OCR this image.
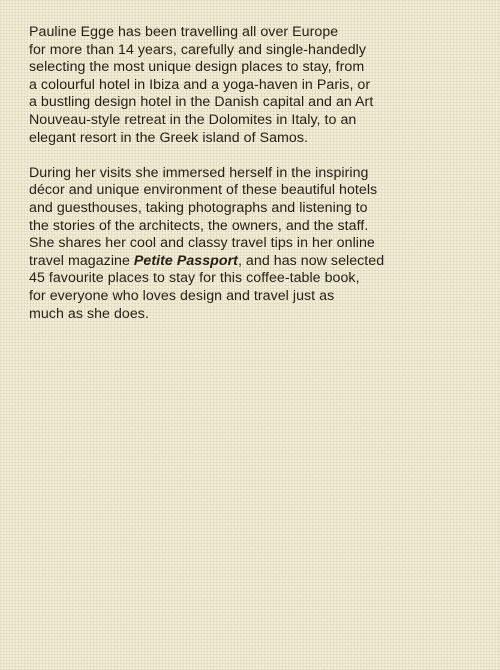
Pauline Egge has been travelling all over Europe
for more than 14 years, carefully and single-handedly
selecting the most unique design places to stay, from
a colourful hotel in Ibiza and a yoga-haven in Paris, or
a bustling design hotel in the Danish capital and an Art
Nouveau-style retreat in the Dolomites in Italy, to an
elegant resort in the Greek island of Samos.

During her visits she immersed herself in the inspiring
décor and unique environment of these beautiful hotels
and guesthouses, taking photographs and listening to
the stories of the architects, the owners, and the staff.
She shares her cool and classy travel tips in her online
travel magazine Petite Passport, and has now selected
45 favourite places to stay for this coffee-table book,
for everyone who loves design and travel just as
much as she does.
